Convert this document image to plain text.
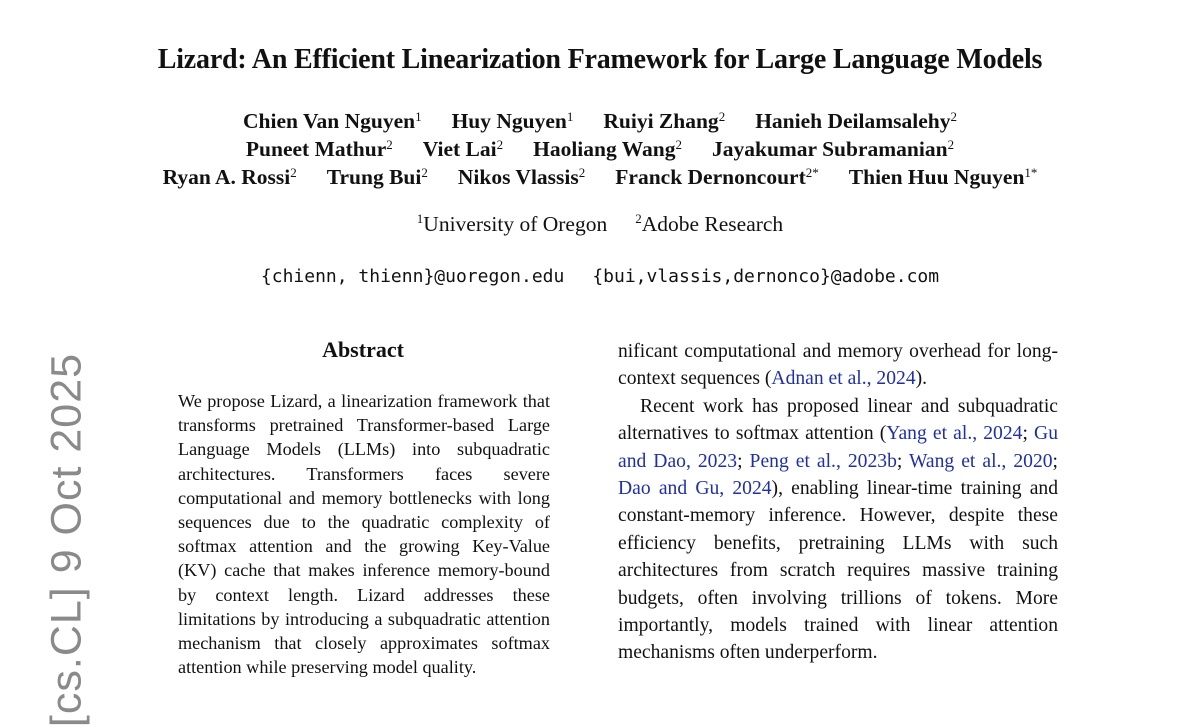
Lizard: An Efficient Linearization Framework for Large Language Models
Chien Van Nguyen$^1$ Huy Nguyen$^1$ Ruiyi Zhang$^2$ Hanieh Deilamsalehy$^2$
Puneet Mathur$^2$ Viet Lai$^2$ Haoliang Wang$^2$ Jayakumar Subramanian$^2$
Ryan A. Rossi$^2$ Trung Bui$^2$ Nikos Vlassis$^2$ Franck Dernoncourt$^{2*}$ Thien Huu Nguyen$^{1*}$
$^1$University of Oregon $^2$Adobe Research
{chienn, thienn}@uoregon.edu {bui,vlassis,dernonco}@adobe.com
Abstract
We propose Lizard, a linearization framework that transforms pretrained Transformer-based Large Language Models (LLMs) into subquadratic architectures. Transformers faces severe computational and memory bottlenecks with long sequences due to the quadratic complexity of softmax attention and the growing Key-Value (KV) cache that makes inference memory-bound by context length. Lizard addresses these limitations by introducing a subquadratic attention mechanism that closely approximates softmax attention while preserving model quality.

nificant computational and memory overhead for long-context sequences (Adnan et al., 2024).

Recent work has proposed linear and subquadratic alternatives to softmax attention (Yang et al., 2024; Gu and Dao, 2023; Peng et al., 2023b; Wang et al., 2020; Dao and Gu, 2024), enabling linear-time training and constant-memory inference. However, despite these efficiency benefits, pretraining LLMs with such architectures from scratch requires massive training budgets, often involving trillions of tokens. More importantly, models trained with linear attention mechanisms often underperform.

[cs.CL] 9 Oct 2025
